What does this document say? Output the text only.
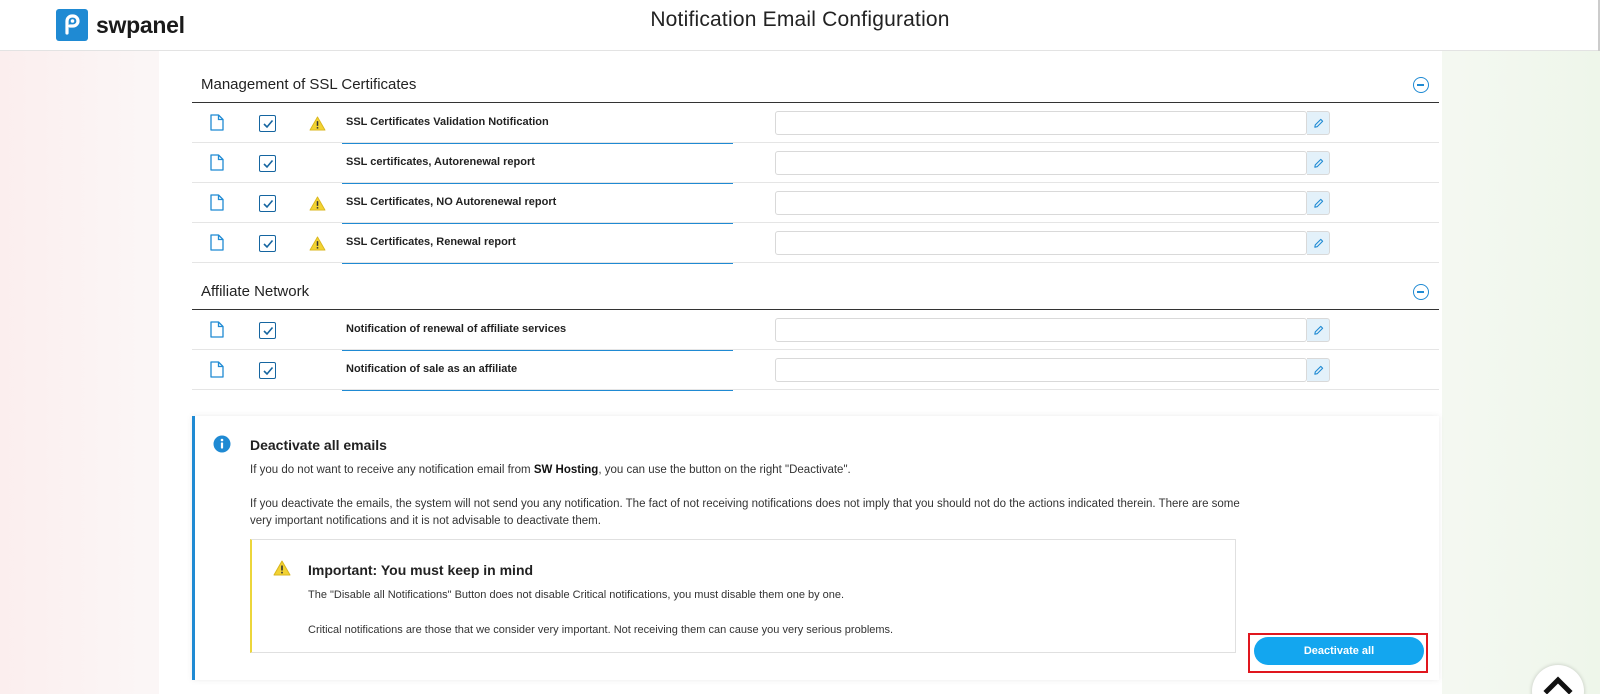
swpanel	Notification Email Configuration
Management of SSL Certificates
SSL Certificates Validation Notification
SSL certificates, Autorenewal report
SSL Certificates, NO Autorenewal report
SSL Certificates, Renewal report
Affiliate Network
Notification of renewal of affiliate services
Notification of sale as an affiliate
Deactivate all emails
If you do not want to receive any notification email from SW Hosting, you can use the button on the right "Deactivate".
If you deactivate the emails, the system will not send you any notification. The fact of not receiving notifications does not imply that you should not do the actions indicated therein. There are some very important notifications and it is not advisable to deactivate them.
Important: You must keep in mind
The "Disable all Notifications" Button does not disable Critical notifications, you must disable them one by one.
Critical notifications are those that we consider very important. Not receiving them can cause you very serious problems.
Deactivate all
